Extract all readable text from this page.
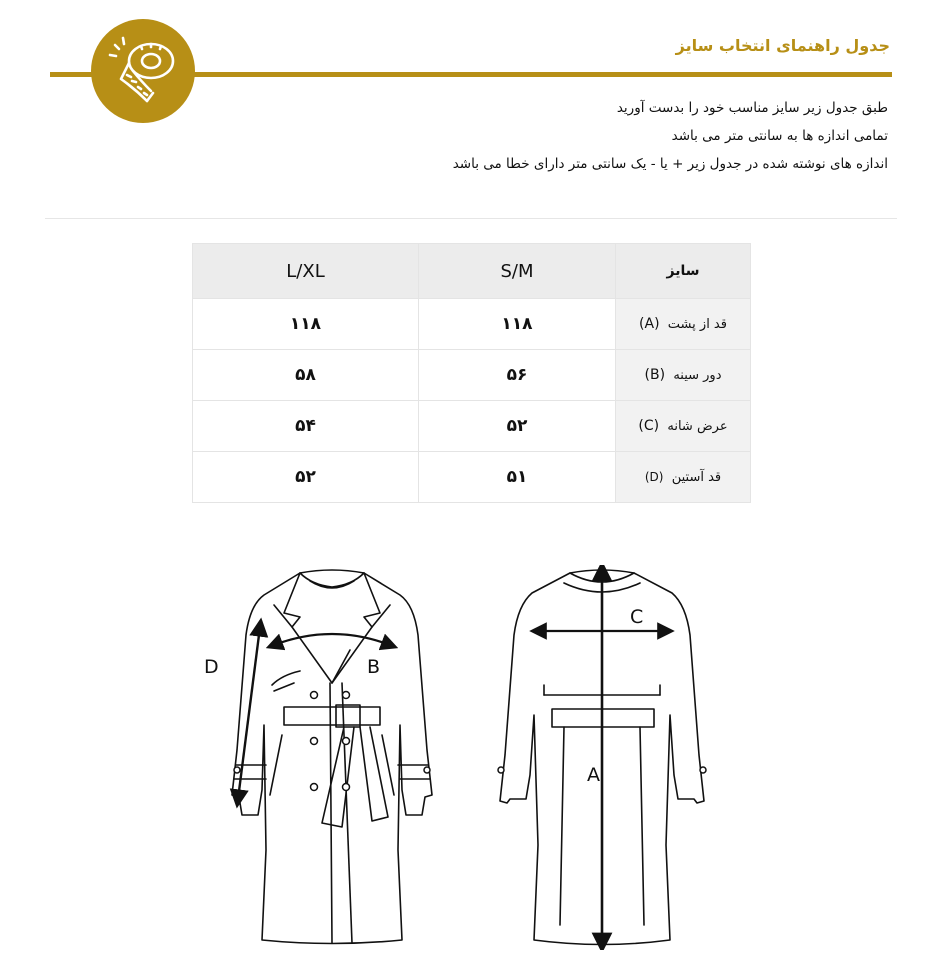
جدول راهنمای انتخاب سایز
طبق جدول زیر سایز مناسب خود را بدست آورید
تمامی اندازه ها به سانتی متر می باشد
اندازه های نوشته شده در جدول زیر + یا - یک سانتی متر دارای خطا می باشد
L/XL	S/M	سایز
۱۱۸	۱۱۸	قد از پشت  (A)
۵۸	۵۶	دور سینه  (B)
۵۴	۵۲	عرض شانه  (C)
۵۲	۵۱	قد آستین  (D)
D	B
C
A
